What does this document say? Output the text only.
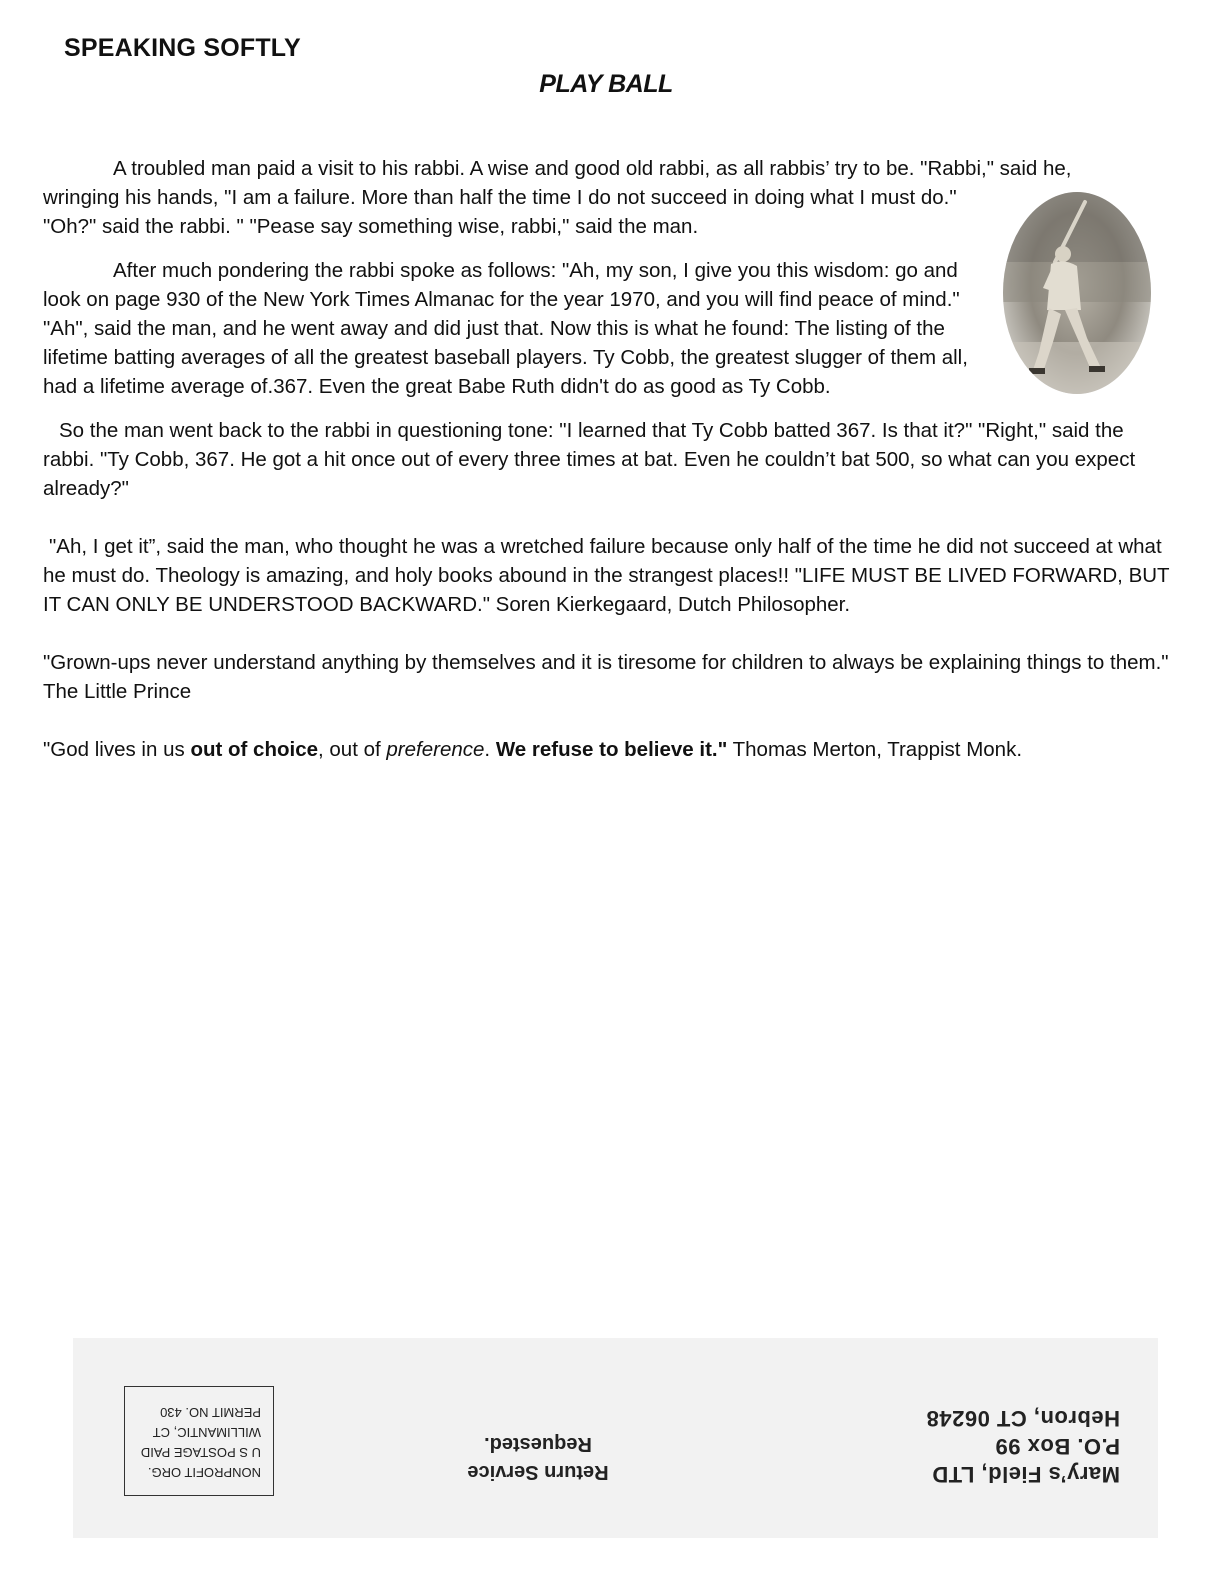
SPEAKING SOFTLY
PLAY BALL

A troubled man paid a visit to his rabbi. A wise and good old rabbi, as all rabbis’ try to be. "Rabbi," said he,
wringing his hands, "I am a failure. More than half the time I do not succeed in doing what I must do."

"Oh?" said the rabbi. " "Pease say something wise, rabbi," said the man.

After much pondering the rabbi spoke as follows: "Ah, my son, I give you this wisdom: go and look on page 930 of the New York Times Almanac for the year 1970, and you will find peace of mind." "Ah", said the man, and he went away and did just that. Now this is what he found: The listing of the lifetime batting averages of all the greatest baseball players. Ty Cobb, the greatest slugger of them all, had a lifetime average of.367. Even the great Babe Ruth didn't do as good as Ty Cobb.

So the man went back to the rabbi in questioning tone: "I learned that Ty Cobb batted 367. Is that it?" "Right," said the rabbi. "Ty Cobb, 367. He got a hit once out of every three times at bat. Even he couldn’t bat 500, so what can you expect already?"

"Ah, I get it”, said the man, who thought he was a wretched failure because only half of the time he did not succeed at what he must do. Theology is amazing, and holy books abound in the strangest places!! "LIFE MUST BE LIVED FORWARD, BUT IT CAN ONLY BE UNDERSTOOD BACKWARD." Soren Kierkegaard, Dutch Philosopher.

"Grown-ups never understand anything by themselves and it is tiresome for children to always be explaining things to them." The Little Prince

"God lives in us out of choice, out of preference. We refuse to believe it." Thomas Merton, Trappist Monk.

Mary’s Field, LTD
P.O. Box 99
Hebron, CT 06248
Return Service
Requested.
NONPROFIT ORG.
U S POSTAGE PAID
WILLIMANTIC, CT
PERMIT NO. 430
